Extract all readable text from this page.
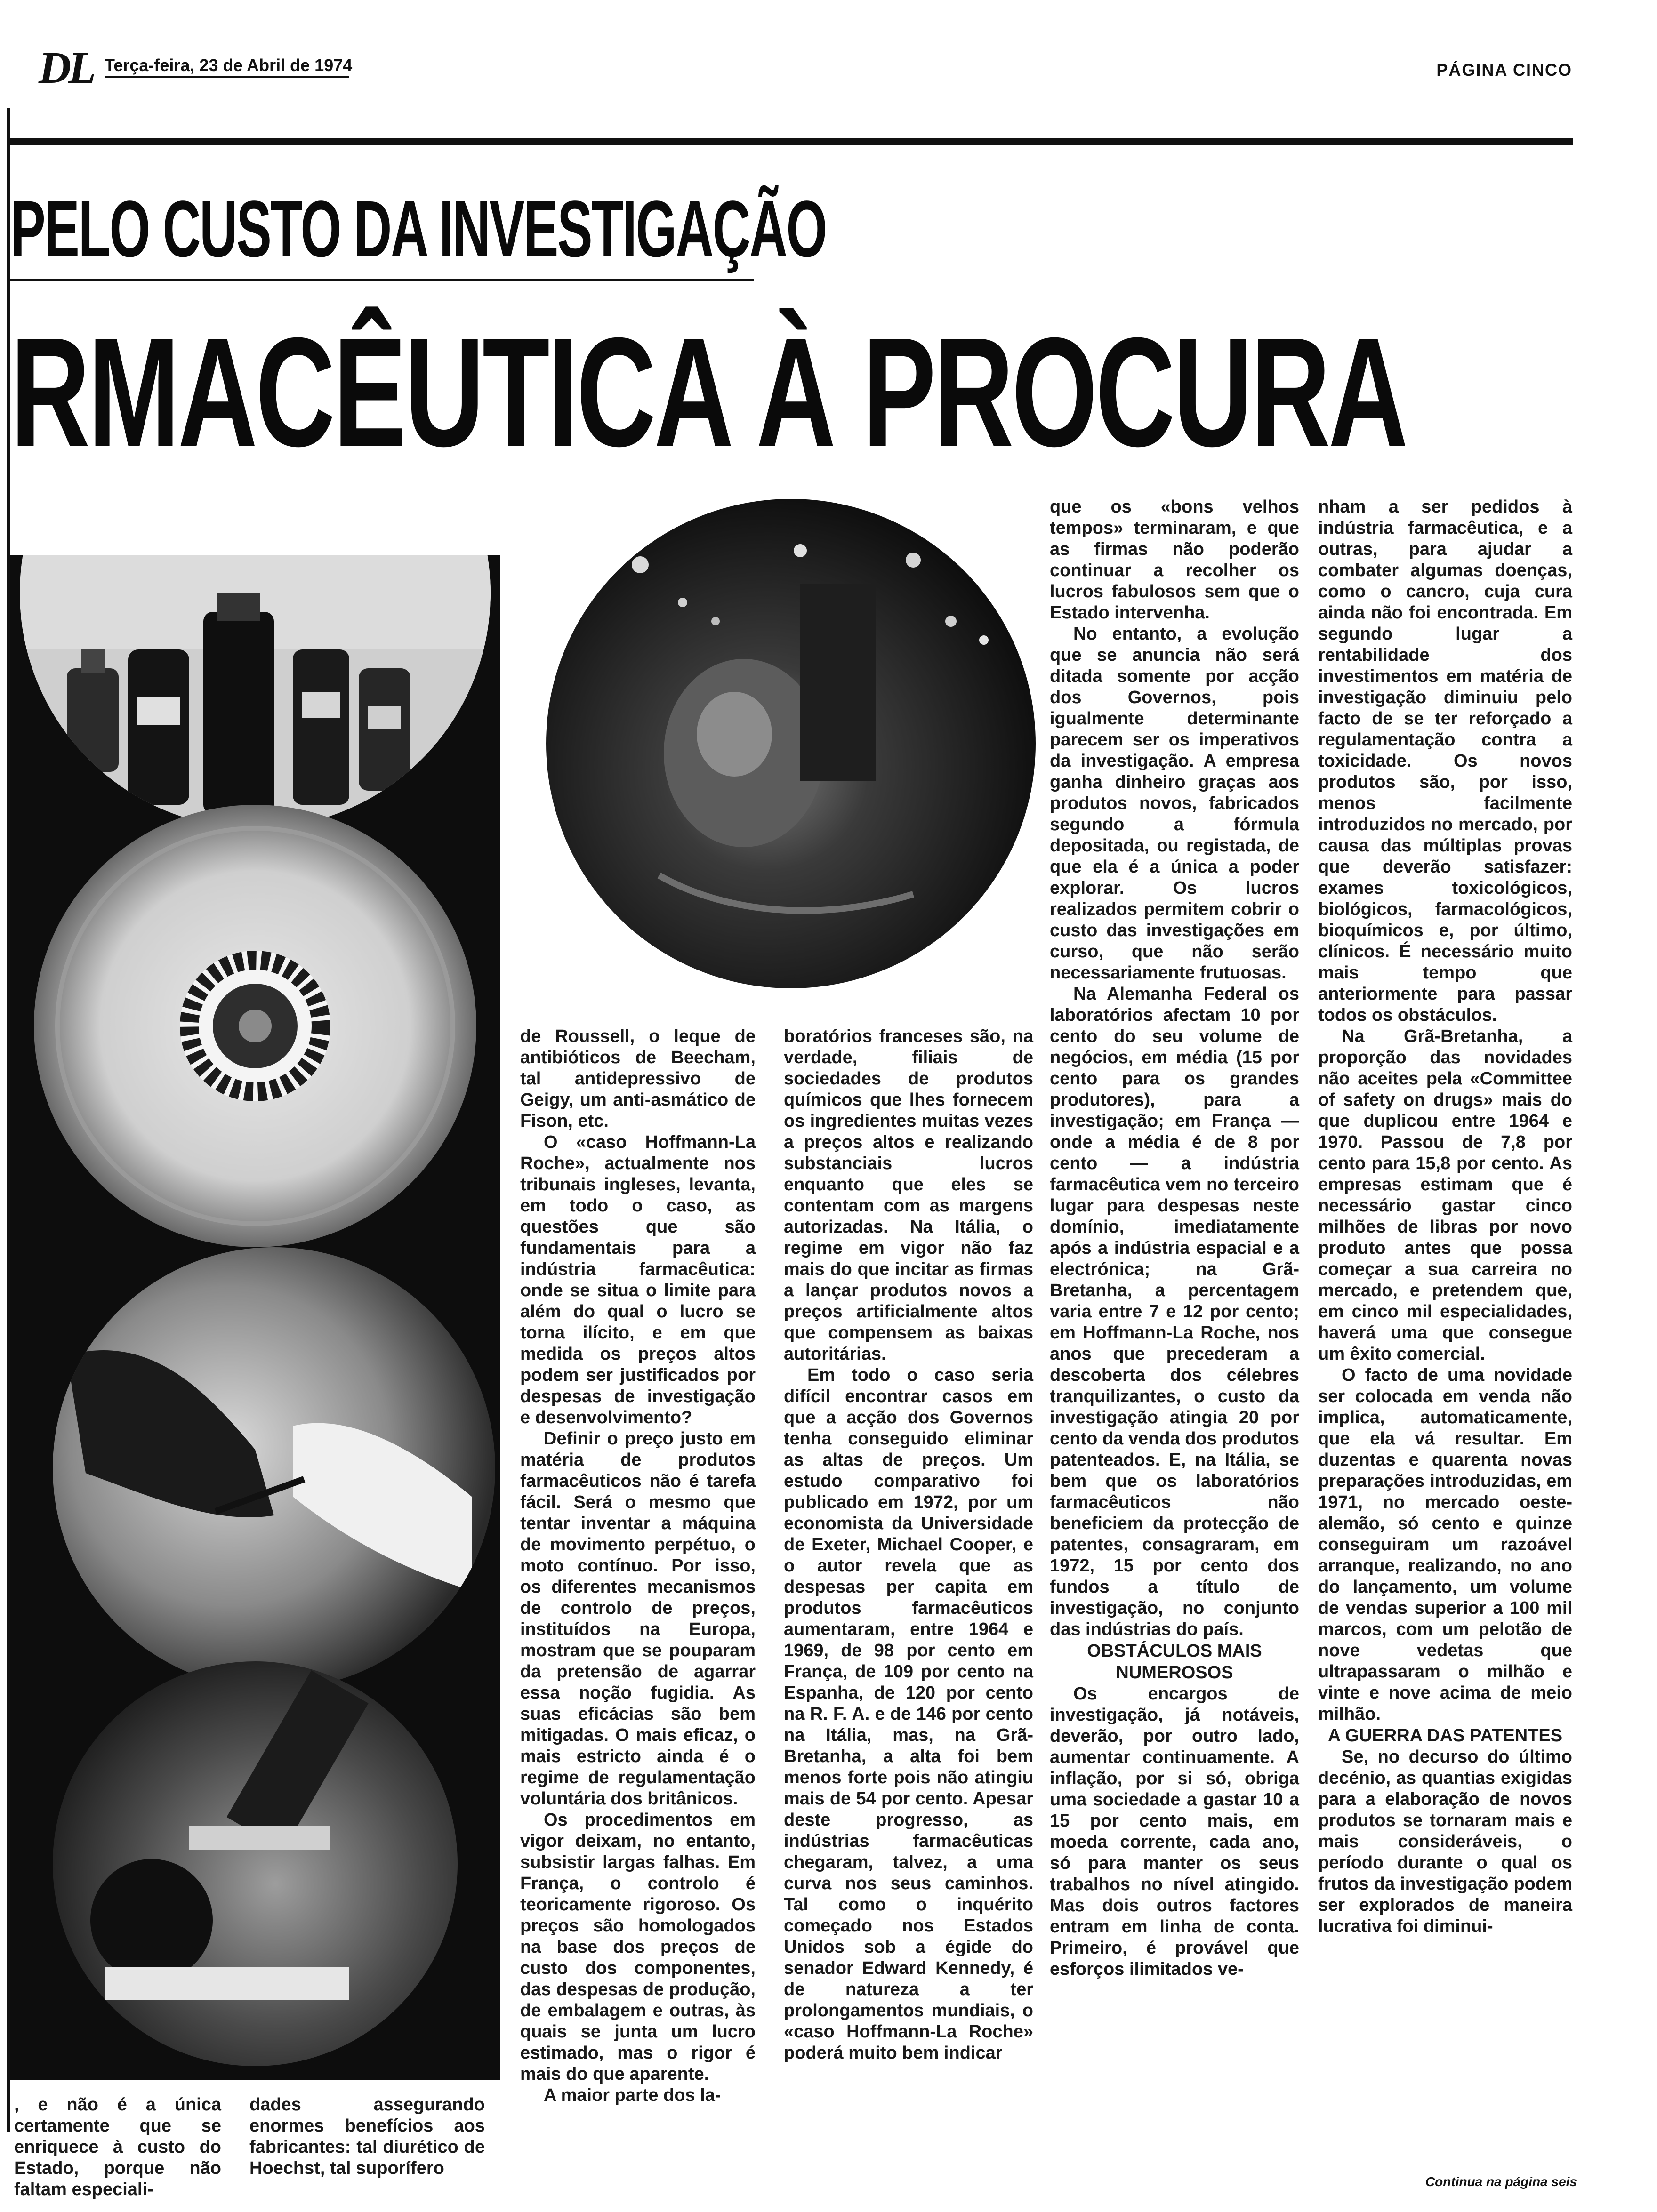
DL Terça-feira, 23 de Abril de 1974	PÁGINA CINCO
PELO CUSTO DA INVESTIGAÇÃO
RMACÊUTICA À PROCURA

, e não é a única certamente que se enriquece à custo do Estado, porque não faltam especiali-

dades assegurando enormes benefícios aos fabricantes: tal diurético de Hoechst, tal suporífero

de Roussell, o leque de antibióticos de Beecham, tal antidepressivo de Geigy, um anti-asmático de Fison, etc.

O «caso Hoffmann-La Roche», actualmente nos tribunais ingleses, levanta, em todo o caso, as questões que são fundamentais para a indústria farmacêutica: onde se situa o limite para além do qual o lucro se torna ilícito, e em que medida os preços altos podem ser justificados por despesas de investigação e desenvolvimento?

Definir o preço justo em matéria de produtos farmacêuticos não é tarefa fácil. Será o mesmo que tentar inventar a máquina de movimento perpétuo, o moto contínuo. Por isso, os diferentes mecanismos de controlo de preços, instituídos na Europa, mostram que se pouparam da pretensão de agarrar essa noção fugidia. As suas eficácias são bem mitigadas. O mais eficaz, o mais estricto ainda é o regime de regulamentação voluntária dos britânicos.

Os procedimentos em vigor deixam, no entanto, subsistir largas falhas. Em França, o controlo é teoricamente rigoroso. Os preços são homologados na base dos preços de custo dos componentes, das despesas de produção, de embalagem e outras, às quais se junta um lucro estimado, mas o rigor é mais do que aparente.

A maior parte dos la-

boratórios franceses são, na verdade, filiais de sociedades de produtos químicos que lhes fornecem os ingredientes muitas vezes a preços altos e realizando substanciais lucros enquanto que eles se contentam com as margens autorizadas. Na Itália, o regime em vigor não faz mais do que incitar as firmas a lançar produtos novos a preços artificialmente altos que compensem as baixas autoritárias.

Em todo o caso seria difícil encontrar casos em que a acção dos Governos tenha conseguido eliminar as altas de preços. Um estudo comparativo foi publicado em 1972, por um economista da Universidade de Exeter, Michael Cooper, e o autor revela que as despesas per capita em produtos farmacêuticos aumentaram, entre 1964 e 1969, de 98 por cento em França, de 109 por cento na Espanha, de 120 por cento na R. F. A. e de 146 por cento na Itália, mas, na Grã-Bretanha, a alta foi bem menos forte pois não atingiu mais de 54 por cento. Apesar deste progresso, as indústrias farmacêuticas chegaram, talvez, a uma curva nos seus caminhos. Tal como o inquérito começado nos Estados Unidos sob a égide do senador Edward Kennedy, é de natureza a ter prolongamentos mundiais, o «caso Hoffmann-La Roche» poderá muito bem indicar

que os «bons velhos tempos» terminaram, e que as firmas não poderão continuar a recolher os lucros fabulosos sem que o Estado intervenha.

No entanto, a evolução que se anuncia não será ditada somente por acção dos Governos, pois igualmente determinante parecem ser os imperativos da investigação. A empresa ganha dinheiro graças aos produtos novos, fabricados segundo a fórmula depositada, ou registada, de que ela é a única a poder explorar. Os lucros realizados permitem cobrir o custo das investigações em curso, que não serão necessariamente frutuosas.

Na Alemanha Federal os laboratórios afectam 10 por cento do seu volume de negócios, em média (15 por cento para os grandes produtores), para a investigação; em França — onde a média é de 8 por cento — a indústria farmacêutica vem no terceiro lugar para despesas neste domínio, imediatamente após a indústria espacial e a electrónica; na Grã-Bretanha, a percentagem varia entre 7 e 12 por cento; em Hoffmann-La Roche, nos anos que precederam a descoberta dos célebres tranquilizantes, o custo da investigação atingia 20 por cento da venda dos produtos patenteados. E, na Itália, se bem que os laboratórios farmacêuticos não beneficiem da protecção de patentes, consagraram, em 1972, 15 por cento dos fundos a título de investigação, no conjunto das indústrias do país.

OBSTÁCULOS MAIS NUMEROSOS

Os encargos de investigação, já notáveis, deverão, por outro lado, aumentar continuamente. A inflação, por si só, obriga uma sociedade a gastar 10 a 15 por cento mais, em moeda corrente, cada ano, só para manter os seus trabalhos no nível atingido. Mas dois outros factores entram em linha de conta. Primeiro, é provável que esforços ilimitados ve-

nham a ser pedidos à indústria farmacêutica, e a outras, para ajudar a combater algumas doenças, como o cancro, cuja cura ainda não foi encontrada. Em segundo lugar a rentabilidade dos investimentos em matéria de investigação diminuiu pelo facto de se ter reforçado a regulamentação contra a toxicidade. Os novos produtos são, por isso, menos facilmente introduzidos no mercado, por causa das múltiplas provas que deverão satisfazer: exames toxicológicos, biológicos, farmacológicos, bioquímicos e, por último, clínicos. É necessário muito mais tempo que anteriormente para passar todos os obstáculos.

Na Grã-Bretanha, a proporção das novidades não aceites pela «Committee of safety on drugs» mais do que duplicou entre 1964 e 1970. Passou de 7,8 por cento para 15,8 por cento. As empresas estimam que é necessário gastar cinco milhões de libras por novo produto antes que possa começar a sua carreira no mercado, e pretendem que, em cinco mil especialidades, haverá uma que consegue um êxito comercial.

O facto de uma novidade ser colocada em venda não implica, automaticamente, que ela vá resultar. Em duzentas e quarenta novas preparações introduzidas, em 1971, no mercado oeste-alemão, só cento e quinze conseguiram um razoável arranque, realizando, no ano do lançamento, um volume de vendas superior a 100 mil marcos, com um pelotão de nove vedetas que ultrapassaram o milhão e vinte e nove acima de meio milhão.

A GUERRA DAS PATENTES

Se, no decurso do último decénio, as quantias exigidas para a elaboração de novos produtos se tornaram mais e mais consideráveis, o período durante o qual os frutos da investigação podem ser explorados de maneira lucrativa foi diminui-

Continua na página seis
